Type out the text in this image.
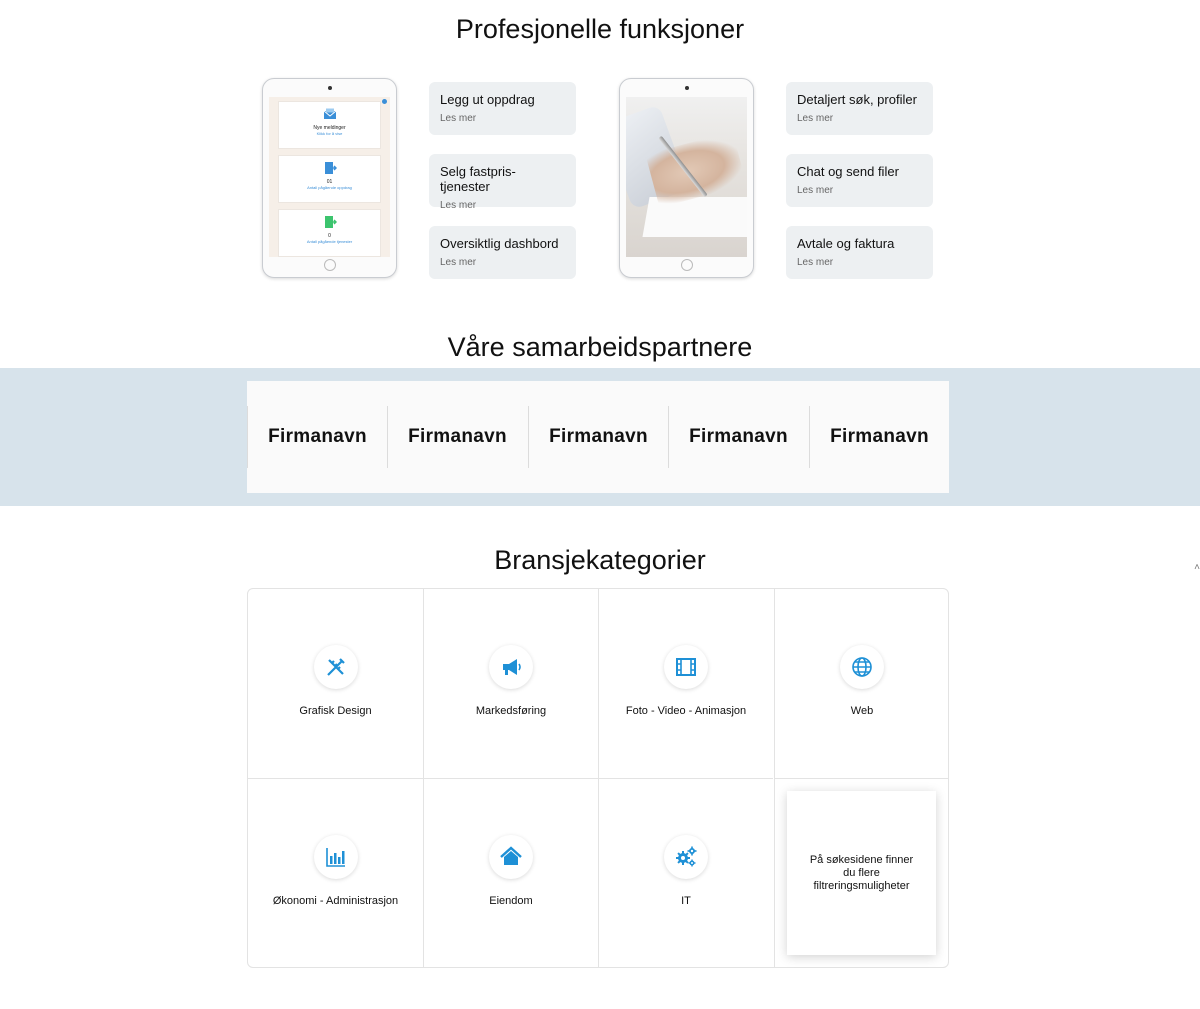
Profesjonelle funksjoner
Nye meldinger
Klikk for å vise
01
Antall pågående oppdrag
0
Antall pågående tjenester
Legg ut oppdrag
Les mer
Selg fastpris-tjenester
Les mer
Oversiktlig dashbord
Les mer
Detaljert søk, profiler
Les mer
Chat og send filer
Les mer
Avtale og faktura
Les mer
Våre samarbeidspartnere
Firmanavn	Firmanavn	Firmanavn	Firmanavn	Firmanavn
Bransjekategorier
Grafisk Design	Markedsføring	Foto - Video - Animasjon	Web
Økonomi - Administrasjon	Eiendom	IT
På søkesidene finner du flere filtreringsmuligheter
˄
